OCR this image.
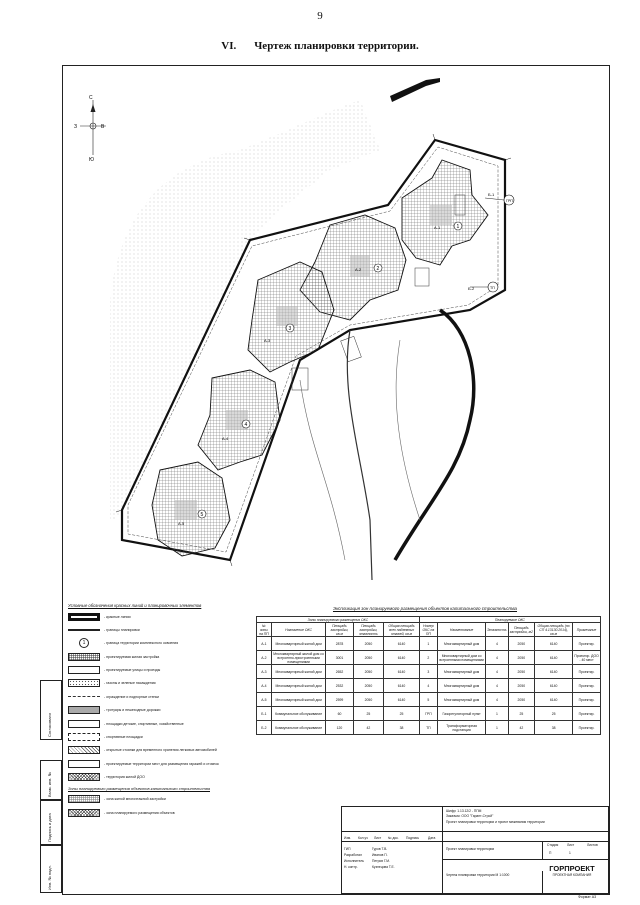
9
VI. Чертеж планировки территории.
С
Ю
З	В
1
2
3
4
5
А-1
А-2
А-3
А-4
А-5
Б-1
Б-2
ГРП
ТП
Условные обозначения красных линий и планировочных элементов
- красные линии
- границы планировки
1	- граница территории комплексного освоения
- проектируемая жилая застройка
- проектируемые улицы и проезды
- газоны и зеленые насаждения
- ограждение и подпорные стенки
- тротуары и пешеходные дорожки
- площадки детские, спортивные, хозяйственные
- спортивные площадки
- открытые стоянки для временного хранения легковых автомобилей
- проектируемые территории мест для размещения гаражей и стоянок
- территория жилой ДОО
Зоны планируемого размещения объектов капитального строительства
- зона жилой многоэтажной застройки
- зона планируемого размещения объектов
Экспликация зон планируемого размещения объектов капитального строительства
Зоны планируемого размещения ОКС					Планируемые ОКС					
№ зоны на ПП	Назначение ОКС	Площадь застройки, кв.м	Площадь застройки, этажность	Общая площадь всех надземных этажей, кв.м	Номер ОКС на ПП	Наименование	Этажность	Площадь застройки, м2	Общая площадь (по СП 4.13130.2014), кв.м	Примечание
А-1	Многоквартирный жилой дом	2878	2050	6140	1	Многоквартирный дом	4	2050	6140	Проектир.
А-2	Многоквартирный жилой дом со встроенно-пристроенными помещениями	3001	2050	6140	2	Многоквартирный дом со встроенными помещениями	4	2050	6140	Проектир. ДОО - 40 мест
А-3	Многоквартирный жилой дом	2652	2050	6140	3	Многоквартирный дом	4	2050	6140	Проектир.
А-4	Многоквартирный жилой дом	2532	2050	6140	4	Многоквартирный дом	4	2050	6140	Проектир.
А-5	Многоквартирный жилой дом	2599	2050	6140	5	Многоквартирный дом	4	2050	6140	Проектир.
Б-1	Коммунальное обслуживание	60	25	25	ГРП	Газорегуляторный пункт	1	25	25	Проектир.
Б-2	Коммунальное обслуживание	120	42	38	ТП	Трансформаторная подстанция	1	42	38	Проектир.
Согласовано
Взам. инв. №
Подпись и дата
Инв. № подл.
Шифр: 1.13.12/2 - ППМ
Заказчик: ООО "Гарант-Строй"
Проект планировки территории и проект межевания территории
Изм. Кол.уч Лист № док. Подпись	Дата
ГИП	Гуров Т.В.
Разработал	Иванов П.
Исполнитель Петров Г.М.
Н. контр.	Кузнецова Т.Е.
Проект планировки территории
Стадия	Лист	Листов
П	1
Чертеж планировки территории М 1:1000
ГОРПРОЕКТ
ПРОЕКТНАЯ КОМПАНИЯ
Формат А3
